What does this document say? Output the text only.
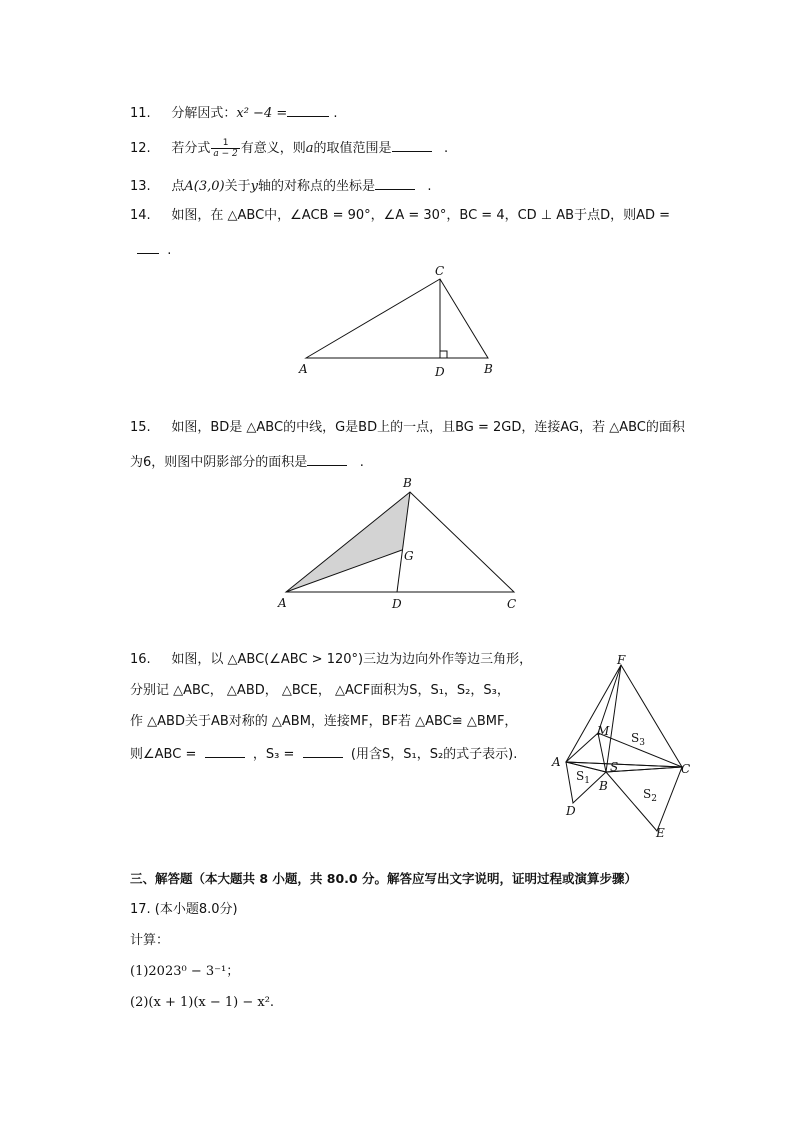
11. 分解因式：x² −4 =	.
12. 若分式 $\frac{1}{a - 2}$ 有意义，则a的取值范围是	.
13. 点A(3,0)关于y轴的对称点的坐标是	.
14. 如图，在 △ABC中，∠ACB = 90°，∠A = 30°，BC = 4，CD ⊥ AB于点D，则AD =
.
C
A	D	B
15. 如图，BD是 △ABC的中线，G是BD上的一点，且BG = 2GD，连接AG，若 △ABC的面积
为6，则图中阴影部分的面积是	.
B
G
A	D	C
16. 如图，以 △ABC(∠ABC > 120°)三边为边向外作等边三角形，
分别记 △ABC， △ABD， △BCE， △ACF面积为S，S₁，S₂，S₃，
作 △ABD关于AB对称的 △ABM，连接MF，BF若 △ABC≌ △BMF，
则∠ABC =	，S₃ =	(用含S，S₁，S₂的式子表示).
F
M $S_3$
A	S	C
$S_1$ B
$S_2$
D
E
三、解答题（本大题共 8 小题，共 80.0 分。解答应写出文字说明，证明过程或演算步骤）
17. (本小题8.0分)
计算：
(1)2023⁰ − 3⁻¹；
(2)(x + 1)(x − 1) − x².
